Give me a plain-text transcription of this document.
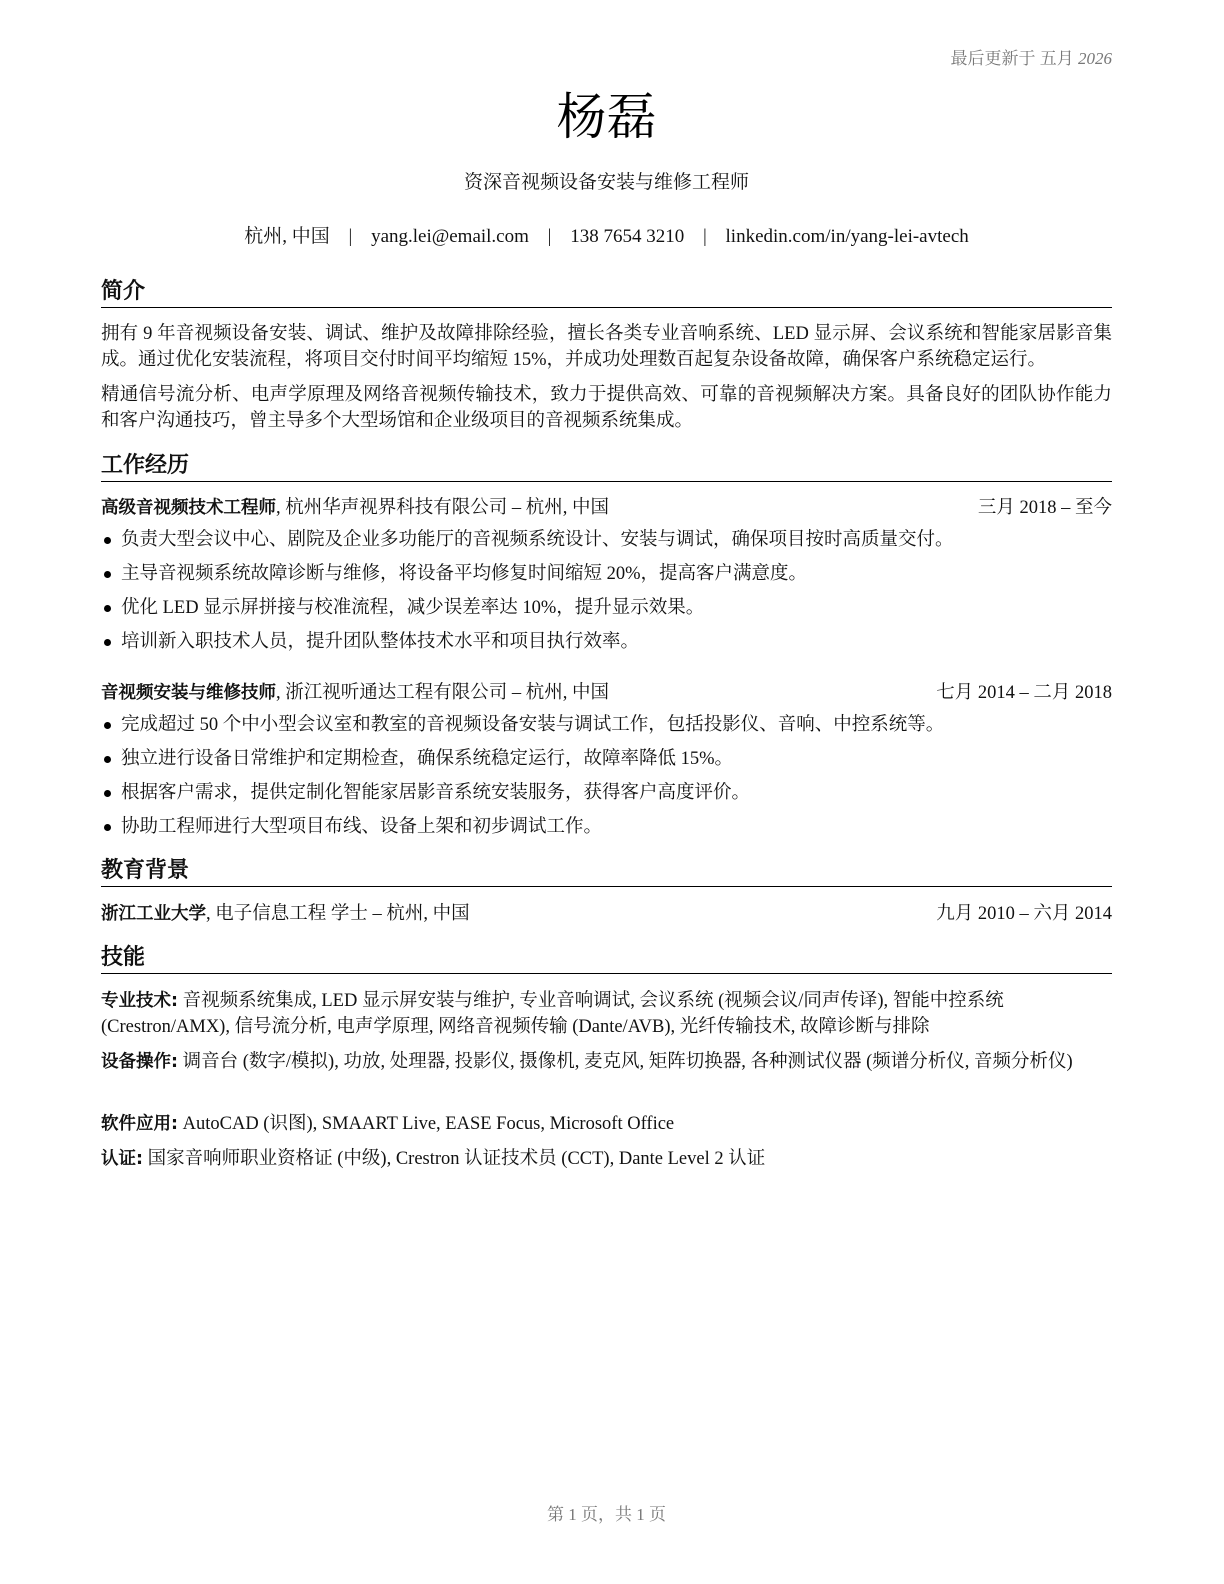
最后更新于 五月 2026
杨磊
资深音视频设备安装与维修工程师
杭州, 中国 | yang.lei@email.com | 138 7654 3210 | linkedin.com/in/yang-lei-avtech
简介
拥有 9 年音视频设备安装、调试、维护及故障排除经验，擅长各类专业音响系统、LED 显示屏、会议系统和智能家居影音集成。通过优化安装流程，将项目交付时间平均缩短 15%，并成功处理数百起复杂设备故障，确保客户系统稳定运行。
精通信号流分析、电声学原理及网络音视频传输技术，致力于提供高效、可靠的音视频解决方案。具备良好的团队协作能力和客户沟通技巧，曾主导多个大型场馆和企业级项目的音视频系统集成。
工作经历
高级音视频技术工程师, 杭州华声视界科技有限公司 – 杭州, 中国	三月 2018 – 至今
负责大型会议中心、剧院及企业多功能厅的音视频系统设计、安装与调试，确保项目按时高质量交付。
主导音视频系统故障诊断与维修，将设备平均修复时间缩短 20%，提高客户满意度。
优化 LED 显示屏拼接与校准流程，减少误差率达 10%，提升显示效果。
培训新入职技术人员，提升团队整体技术水平和项目执行效率。
音视频安装与维修技师, 浙江视听通达工程有限公司 – 杭州, 中国	七月 2014 – 二月 2018
完成超过 50 个中小型会议室和教室的音视频设备安装与调试工作，包括投影仪、音响、中控系统等。
独立进行设备日常维护和定期检查，确保系统稳定运行，故障率降低 15%。
根据客户需求，提供定制化智能家居影音系统安装服务，获得客户高度评价。
协助工程师进行大型项目布线、设备上架和初步调试工作。
教育背景
浙江工业大学, 电子信息工程 学士 – 杭州, 中国	九月 2010 – 六月 2014
技能
专业技术: 音视频系统集成, LED 显示屏安装与维护, 专业音响调试, 会议系统 (视频会议/同声传译), 智能中控系统 (Crestron/AMX), 信号流分析, 电声学原理, 网络音视频传输 (Dante/AVB), 光纤传输技术, 故障诊断与排除
设备操作: 调音台 (数字/模拟), 功放, 处理器, 投影仪, 摄像机, 麦克风, 矩阵切换器, 各种测试仪器 (频谱分析仪, 音频分析仪)
软件应用: AutoCAD (识图), SMAART Live, EASE Focus, Microsoft Office
认证: 国家音响师职业资格证 (中级), Crestron 认证技术员 (CCT), Dante Level 2 认证
第 1 页，共 1 页
